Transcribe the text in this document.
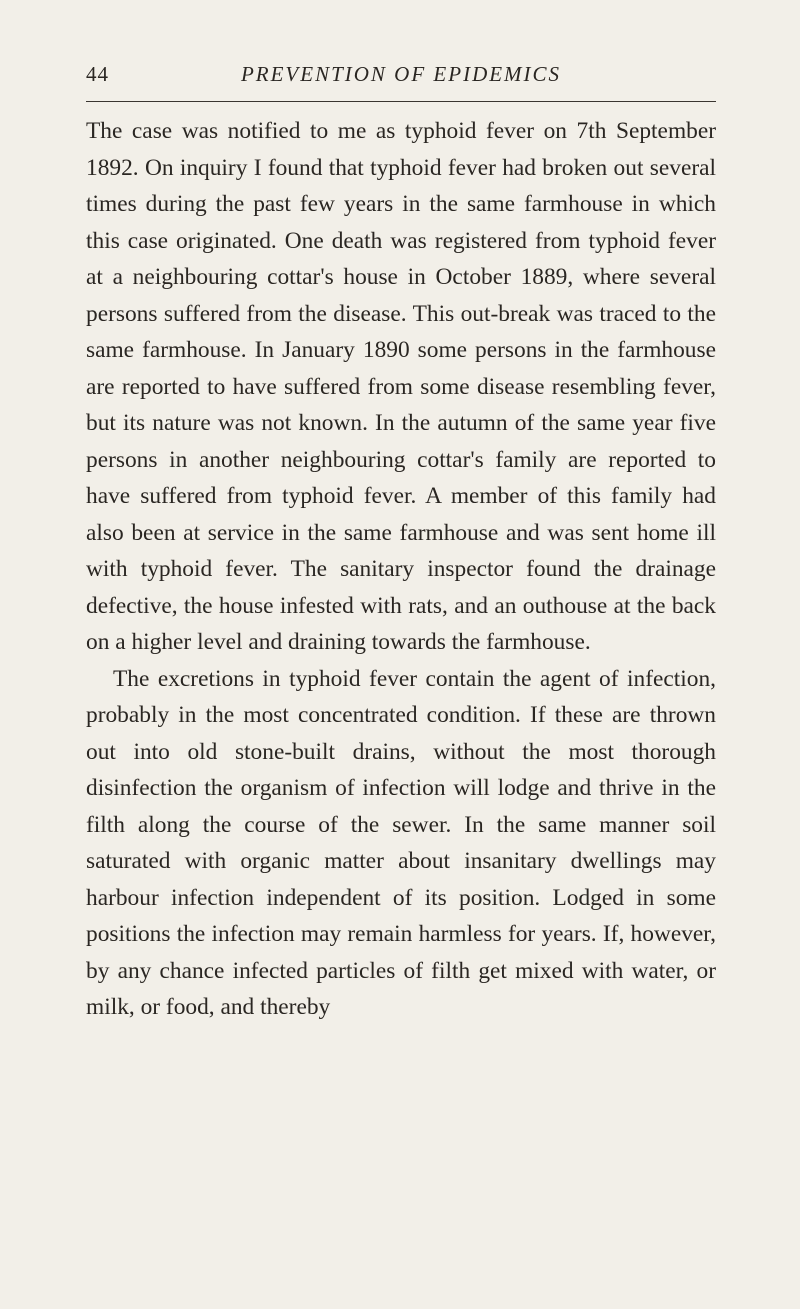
44	PREVENTION OF EPIDEMICS

The case was notified to me as typhoid fever on 7th September 1892. On inquiry I found that typhoid fever had broken out several times during the past few years in the same farmhouse in which this case originated. One death was registered from typhoid fever at a neighbouring cottar's house in October 1889, where several persons suffered from the disease. This out-break was traced to the same farmhouse. In January 1890 some persons in the farmhouse are reported to have suffered from some disease resembling fever, but its nature was not known. In the autumn of the same year five persons in another neighbouring cottar's family are reported to have suffered from typhoid fever. A member of this family had also been at service in the same farmhouse and was sent home ill with typhoid fever. The sanitary inspector found the drainage defective, the house infested with rats, and an outhouse at the back on a higher level and draining towards the farmhouse.

The excretions in typhoid fever contain the agent of infection, probably in the most concentrated condition. If these are thrown out into old stone-built drains, without the most thorough disinfection the organism of infection will lodge and thrive in the filth along the course of the sewer. In the same manner soil saturated with organic matter about insanitary dwellings may harbour infection independent of its position. Lodged in some positions the infection may remain harmless for years. If, however, by any chance infected particles of filth get mixed with water, or milk, or food, and thereby
